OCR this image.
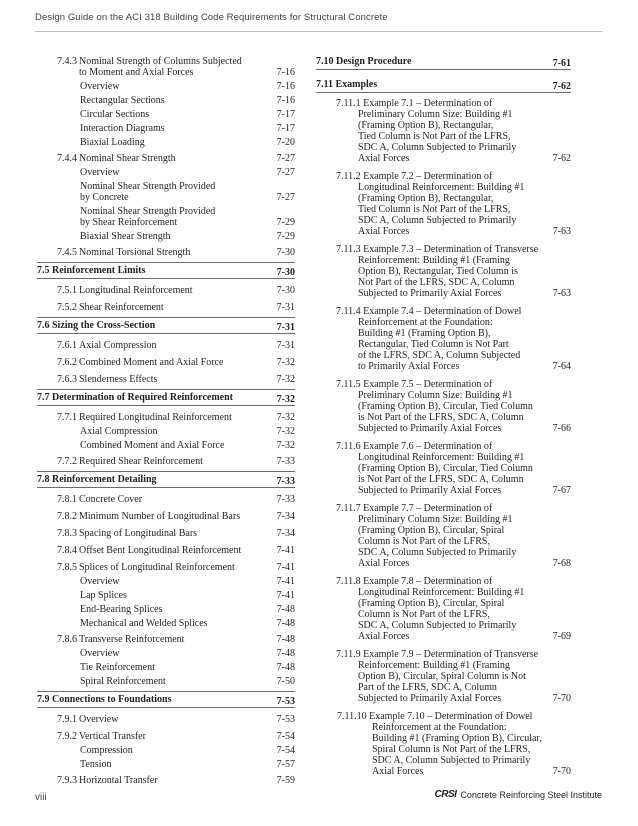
Design Guide on the ACI 318 Building Code Requirements for Structural Concrete
7.4.3 Nominal Strength of Columns Subjected
to Moment and Axial Forces	7-16
Overview	7-16
Rectangular Sections	7-16
Circular Sections	7-17
Interaction Diagrams	7-17
Biaxial Loading	7-20
7.4.4 Nominal Shear Strength	7-27
Overview	7-27
Nominal Shear Strength Provided
by Concrete	7-27
Nominal Shear Strength Provided
by Shear Reinforcement	7-29
Biaxial Shear Strength	7-29
7.4.5 Nominal Torsional Strength	7-30
7.5 Reinforcement Limits	7-30
7.5.1 Longitudinal Reinforcement	7-30
7.5.2 Shear Reinforcement	7-31
7.6 Sizing the Cross-Section	7-31
7.6.1 Axial Compression	7-31
7.6.2 Combined Moment and Axial Force	7-32
7.6.3 Slenderness Effects	7-32
7.7 Determination of Required Reinforcement	7-32
7.7.1 Required Longitudinal Reinforcement	7-32
Axial Compression	7-32
Combined Moment and Axial Force	7-32
7.7.2 Required Shear Reinforcement	7-33
7.8 Reinforcement Detailing	7-33
7.8.1 Concrete Cover	7-33
7.8.2 Minimum Number of Longitudinal Bars	7-34
7.8.3 Spacing of Longitudinal Bars	7-34
7.8.4 Offset Bent Longitudinal Reinforcement	7-41
7.8.5 Splices of Longitudinal Reinforcement	7-41
Overview	7-41
Lap Splices	7-41
End-Bearing Splices	7-48
Mechanical and Welded Splices	7-48
7.8.6 Transverse Reinforcement	7-48
Overview	7-48
Tie Reinforcement	7-48
Spiral Reinforcement	7-50
7.9 Connections to Foundations	7-53
7.9.1 Overview	7-53
7.9.2 Vertical Transfer	7-54
Compression	7-54
Tension	7-57
7.9.3 Horizontal Transfer	7-59
7.10 Design Procedure	7-61
7.11 Examples	7-62
7.11.1 Example 7.1 – Determination of
Preliminary Column Size: Building #1
(Framing Option B), Rectangular,
Tied Column is Not Part of the LFRS,
SDC A, Column Subjected to Primarily
Axial Forces	7-62
7.11.2 Example 7.2 – Determination of
Longitudinal Reinforcement: Building #1
(Framing Option B), Rectangular,
Tied Column is Not Part of the LFRS,
SDC A, Column Subjected to Primarily
Axial Forces	7-63
7.11.3 Example 7.3 – Determination of Transverse
Reinforcement: Building #1 (Framing
Option B), Rectangular, Tied Column is
Not Part of the LFRS, SDC A, Column
Subjected to Primarily Axial Forces	7-63
7.11.4 Example 7.4 – Determination of Dowel
Reinforcement at the Foundation:
Building #1 (Framing Option B),
Rectangular, Tied Column is Not Part
of the LFRS, SDC A, Column Subjected
to Primarily Axial Forces	7-64
7.11.5 Example 7.5 – Determination of
Preliminary Column Size: Building #1
(Framing Option B), Circular, Tied Column
is Not Part of the LFRS, SDC A, Column
Subjected to Primarily Axial Forces	7-66
7.11.6 Example 7.6 – Determination of
Longitudinal Reinforcement: Building #1
(Framing Option B), Circular, Tied Column
is Not Part of the LFRS, SDC A, Column
Subjected to Primarily Axial Forces	7-67
7.11.7 Example 7.7 – Determination of
Preliminary Column Size: Building #1
(Framing Option B), Circular, Spiral
Column is Not Part of the LFRS,
SDC A, Column Subjected to Primarily
Axial Forces	7-68
7.11.8 Example 7.8 – Determination of
Longitudinal Reinforcement: Building #1
(Framing Option B), Circular, Spiral
Column is Not Part of the LFRS,
SDC A, Column Subjected to Primarily
Axial Forces	7-69
7.11.9 Example 7.9 – Determination of Transverse
Reinforcement: Building #1 (Framing
Option B), Circular, Spiral Column is Not
Part of the LFRS, SDC A, Column
Subjected to Primarily Axial Forces	7-70
7.11.10 Example 7.10 – Determination of Dowel
Reinforcement at the Foundation:
Building #1 (Framing Option B), Circular,
Spiral Column is Not Part of the LFRS,
SDC A, Column Subjected to Primarily
Axial Forces	7-70
viii	CRSI Concrete Reinforcing Steel Institute
